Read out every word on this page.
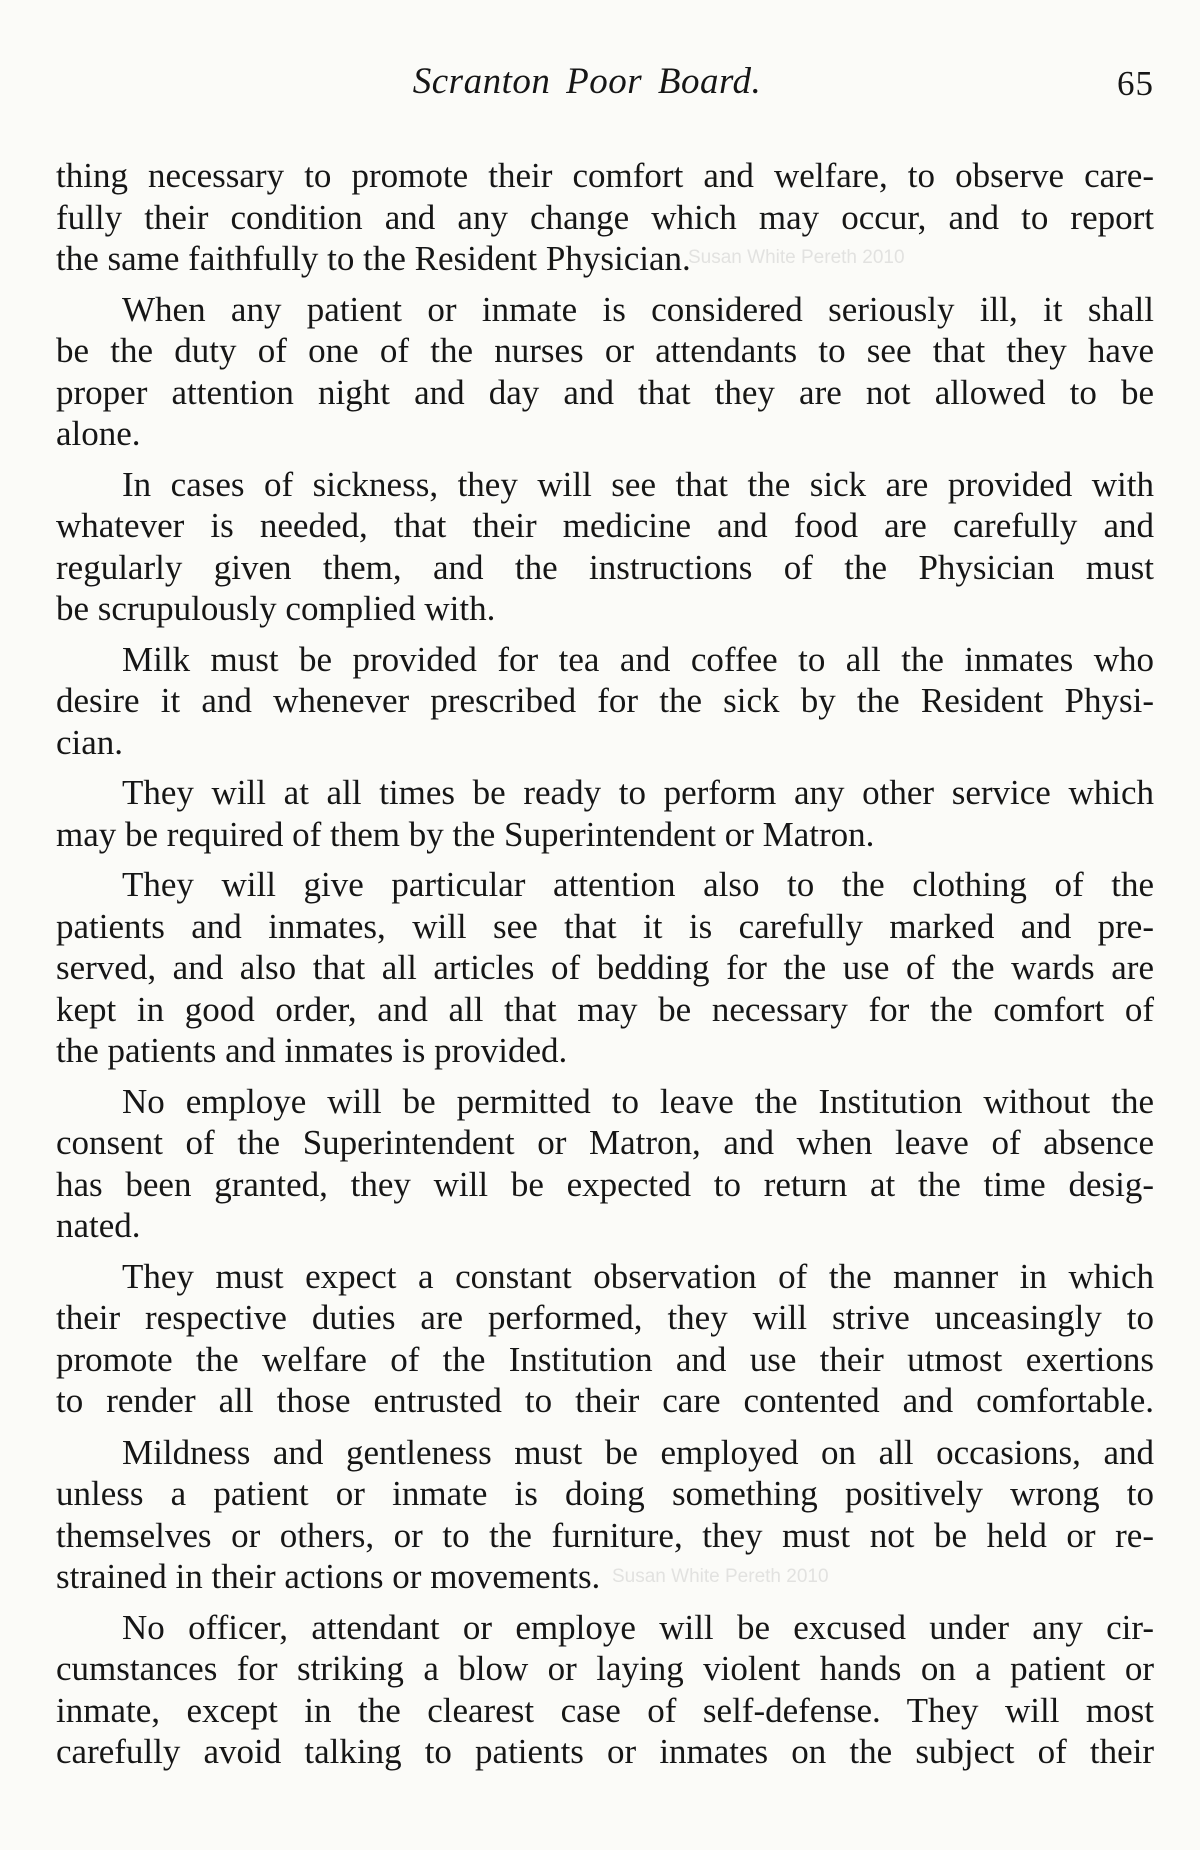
Scranton Poor Board.	65
Susan White Pereth 2010
Susan White Pereth 2010
thing necessary to promote their comfort and welfare, to observe care-
fully their condition and any change which may occur, and to report
the same faithfully to the Resident Physician.
When any patient or inmate is considered seriously ill, it shall
be the duty of one of the nurses or attendants to see that they have
proper attention night and day and that they are not allowed to be
alone.
In cases of sickness, they will see that the sick are provided with
whatever is needed, that their medicine and food are carefully and
regularly given them, and the instructions of the Physician must
be scrupulously complied with.
Milk must be provided for tea and coffee to all the inmates who
desire it and whenever prescribed for the sick by the Resident Physi-
cian.
They will at all times be ready to perform any other service which
may be required of them by the Superintendent or Matron.
They will give particular attention also to the clothing of the
patients and inmates, will see that it is carefully marked and pre-
served, and also that all articles of bedding for the use of the wards are
kept in good order, and all that may be necessary for the comfort of
the patients and inmates is provided.
No employe will be permitted to leave the Institution without the
consent of the Superintendent or Matron, and when leave of absence
has been granted, they will be expected to return at the time desig-
nated.
They must expect a constant observation of the manner in which
their respective duties are performed, they will strive unceasingly to
promote the welfare of the Institution and use their utmost exertions
to render all those entrusted to their care contented and comfortable.
Mildness and gentleness must be employed on all occasions, and
unless a patient or inmate is doing something positively wrong to
themselves or others, or to the furniture, they must not be held or re-
strained in their actions or movements.
No officer, attendant or employe will be excused under any cir-
cumstances for striking a blow or laying violent hands on a patient or
inmate, except in the clearest case of self-defense. They will most
carefully avoid talking to patients or inmates on the subject of their
